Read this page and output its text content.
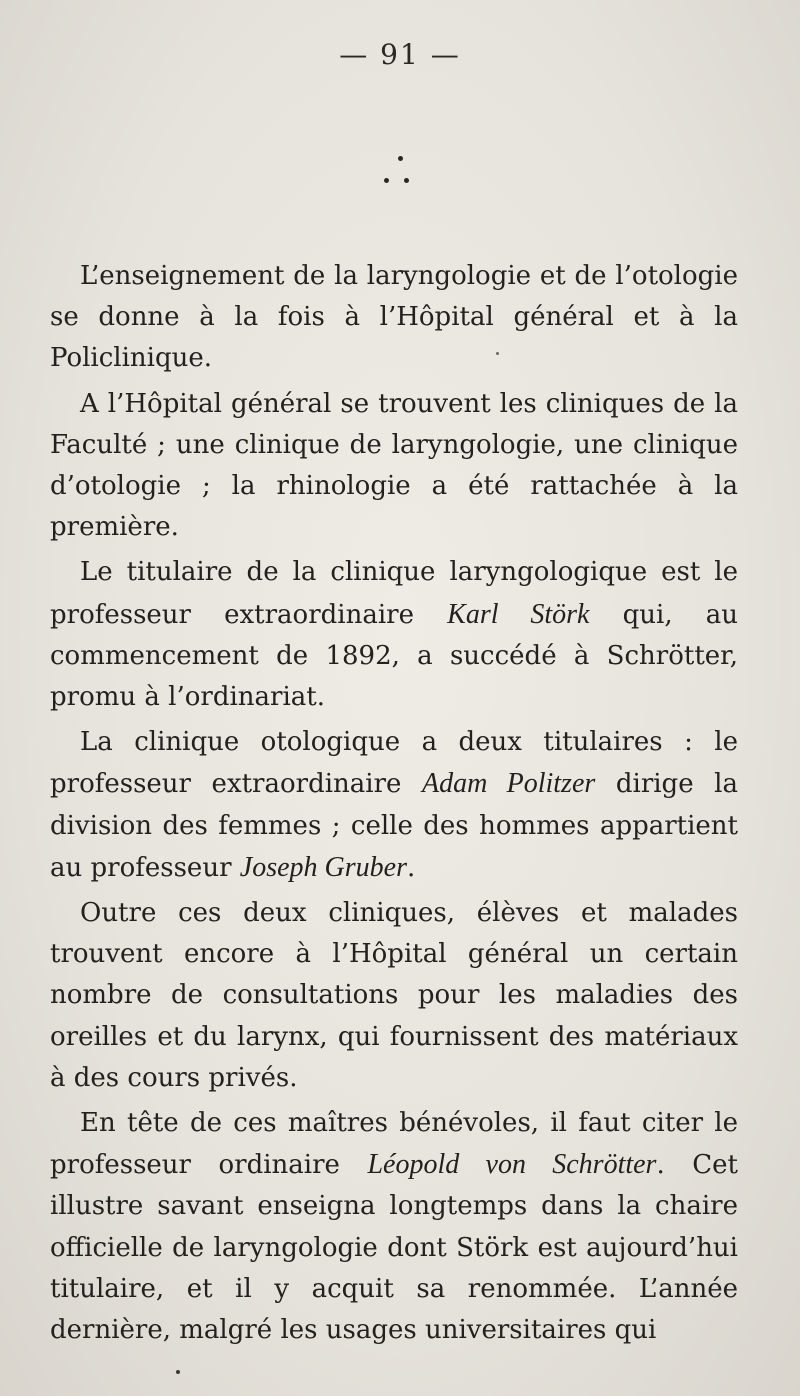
— 91 —

L’enseignement de la laryngologie et de l’otologie se donne à la fois à l’Hôpital général et à la Policlinique.

A l’Hôpital général se trouvent les cliniques de la Faculté ; une clinique de laryngologie, une clinique d’otologie ; la rhinologie a été rattachée à la première.

Le titulaire de la clinique laryngologique est le professeur extraordinaire Karl Störk qui, au commencement de 1892, a succédé à Schrötter, promu à l’ordinariat.

La clinique otologique a deux titulaires : le professeur extraordinaire Adam Politzer dirige la division des femmes ; celle des hommes appartient au professeur Joseph Gruber.

Outre ces deux cliniques, élèves et malades trouvent encore à l’Hôpital général un certain nombre de consultations pour les maladies des oreilles et du larynx, qui fournissent des matériaux à des cours privés.

En tête de ces maîtres bénévoles, il faut citer le professeur ordinaire Léopold von Schrötter. Cet illustre savant enseigna longtemps dans la chaire officielle de laryngologie dont Störk est aujourd’hui titulaire, et il y acquit sa renommée. L’année dernière, malgré les usages universitaires qui
